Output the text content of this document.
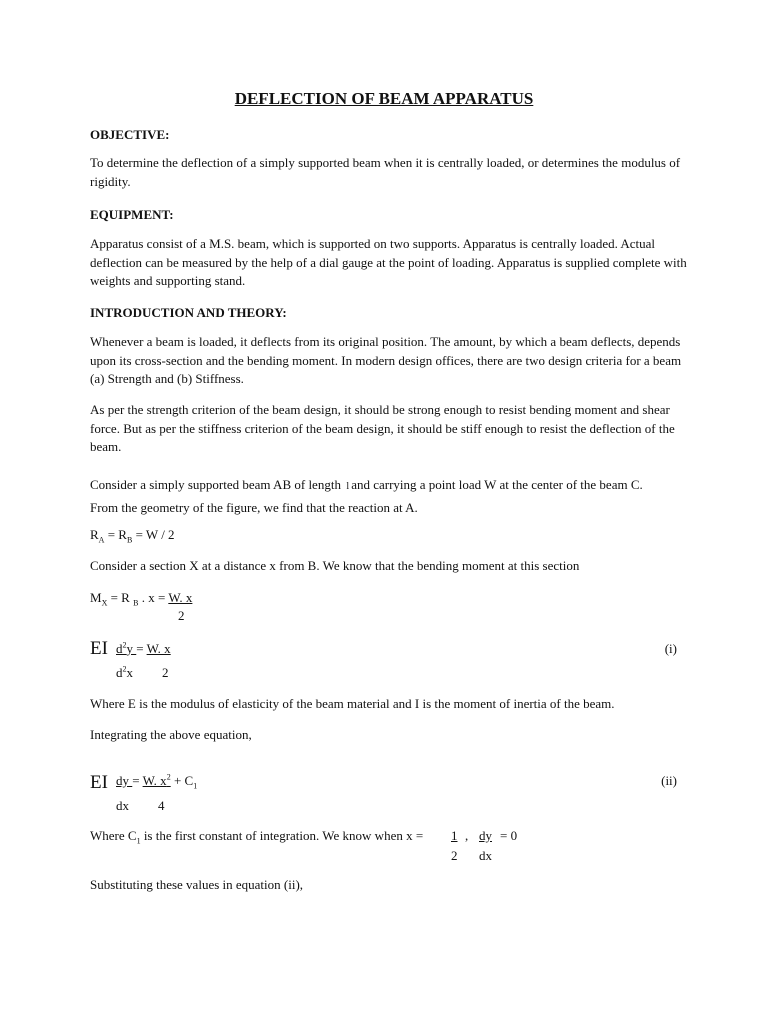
DEFLECTION OF BEAM APPARATUS
OBJECTIVE:

To determine the deflection of a simply supported beam when it is centrally loaded, or determines the modulus of rigidity.

EQUIPMENT:

Apparatus consist of a M.S. beam, which is supported on two supports. Apparatus is centrally loaded. Actual deflection can be measured by the help of a dial gauge at the point of loading. Apparatus is supplied complete with weights and supporting stand.

INTRODUCTION AND THEORY:

Whenever a beam is loaded, it deflects from its original position. The amount, by which a beam deflects, depends upon its cross-section and the bending moment. In modern design offices, there are two design criteria for a beam (a) Strength and (b) Stiffness.

As per the strength criterion of the beam design, it should be strong enough to resist bending moment and shear force. But as per the stiffness criterion of the beam design, it should be stiff enough to resist the deflection of the beam.

Consider a simply supported beam AB of length l and carrying a point load W at the center of the beam C.
From the geometry of the figure, we find that the reaction at A.

$R_A = R_B = W / 2$

Consider a section X at a distance x from B. We know that the bending moment at this section

$M_X = R$ $_B$ . x = W. x
2
EI $d^2y = W$. x
$d^2x$ 2
(i)

Where E is the modulus of elasticity of the beam material and I is the moment of inertia of the beam.

Integrating the above equation,

EI dy = W. $x^2 + C_1$
dx 4
(ii)
Where $C_1$ is the first constant of integration. We know when x = 1 ,
2
dy
dx
= 0

Substituting these values in equation (ii),
